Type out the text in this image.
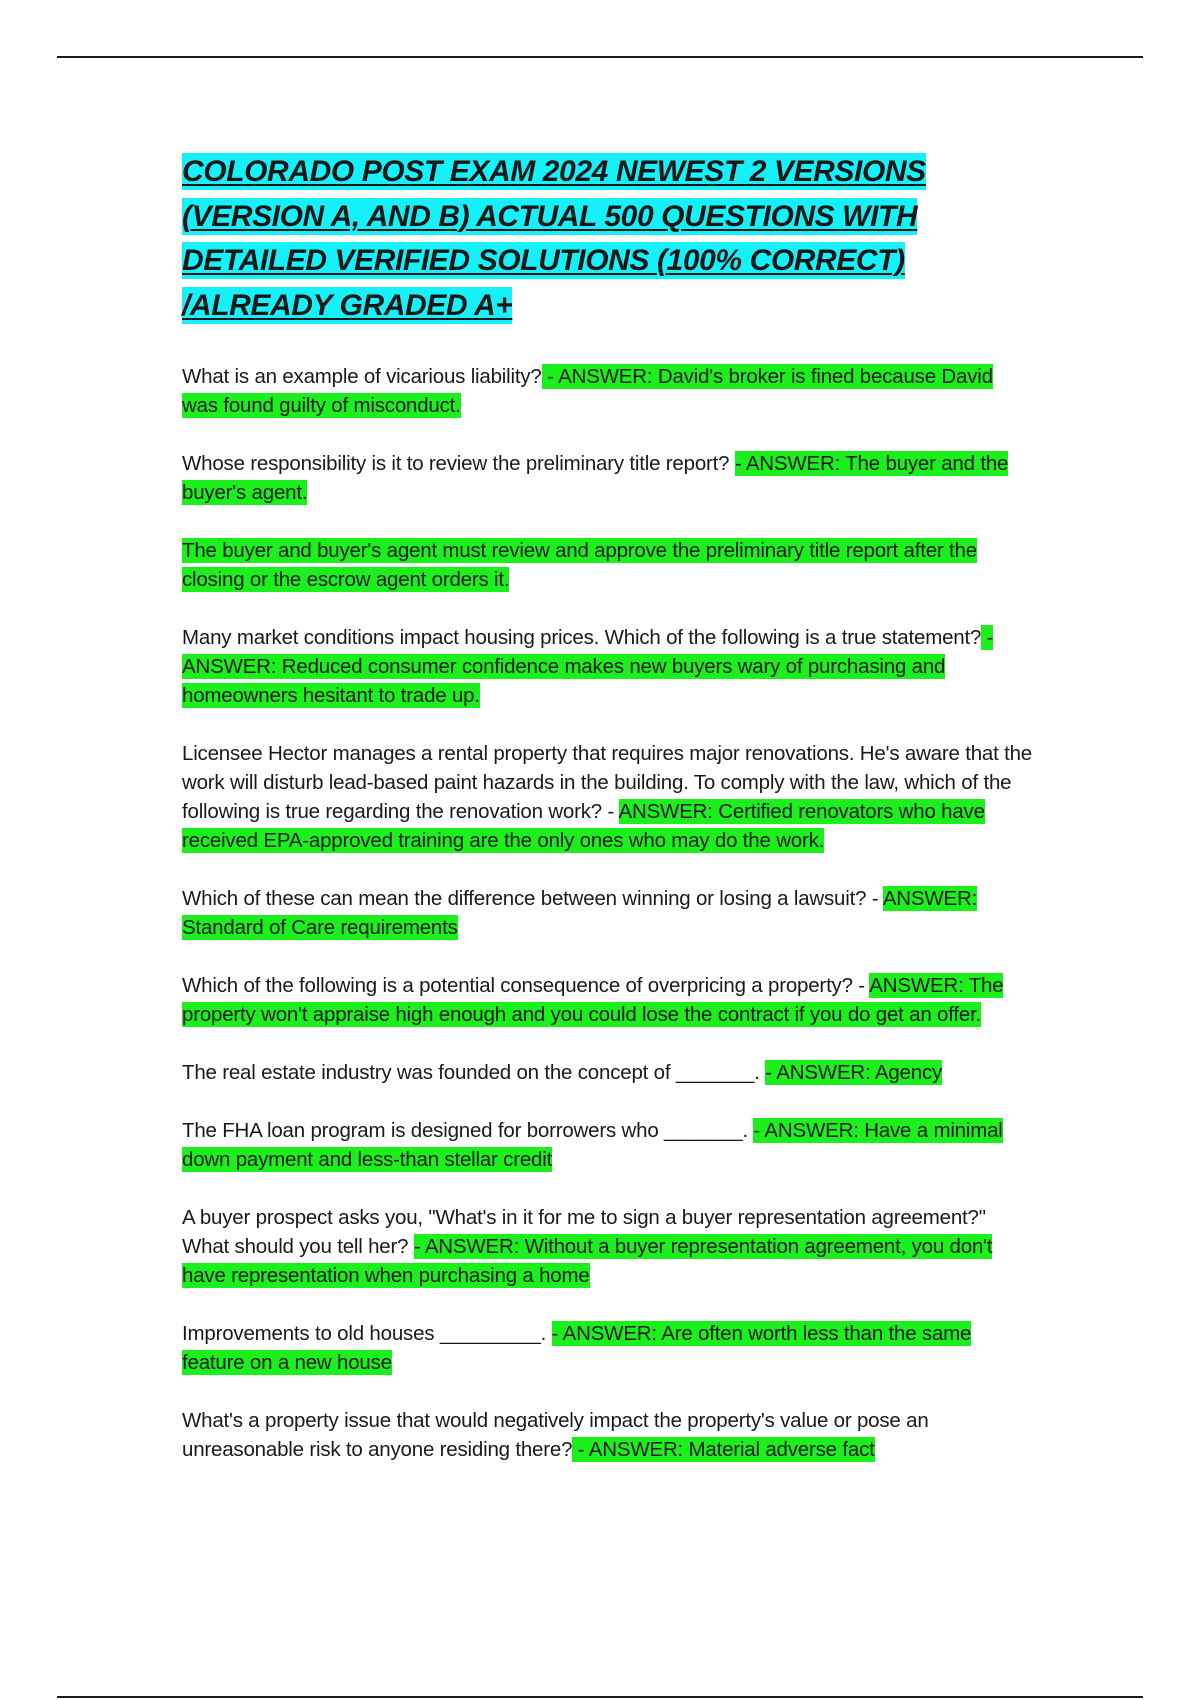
COLORADO POST EXAM 2024 NEWEST 2 VERSIONS (VERSION A, AND B) ACTUAL 500 QUESTIONS WITH DETAILED VERIFIED SOLUTIONS (100% CORRECT) /ALREADY GRADED A+

What is an example of vicarious liability? - ANSWER: David's broker is fined because David was found guilty of misconduct.

Whose responsibility is it to review the preliminary title report? - ANSWER: The buyer and the buyer's agent.

The buyer and buyer's agent must review and approve the preliminary title report after the closing or the escrow agent orders it.

Many market conditions impact housing prices. Which of the following is a true statement? - ANSWER: Reduced consumer confidence makes new buyers wary of purchasing and homeowners hesitant to trade up.

Licensee Hector manages a rental property that requires major renovations. He's aware that the work will disturb lead-based paint hazards in the building. To comply with the law, which of the following is true regarding the renovation work? - ANSWER: Certified renovators who have received EPA-approved training are the only ones who may do the work.

Which of these can mean the difference between winning or losing a lawsuit? - ANSWER: Standard of Care requirements

Which of the following is a potential consequence of overpricing a property? - ANSWER: The property won't appraise high enough and you could lose the contract if you do get an offer.

The real estate industry was founded on the concept of _______. - ANSWER: Agency

The FHA loan program is designed for borrowers who _______. - ANSWER: Have a minimal down payment and less-than stellar credit

A buyer prospect asks you, "What's in it for me to sign a buyer representation agreement?" What should you tell her? - ANSWER: Without a buyer representation agreement, you don't have representation when purchasing a home

Improvements to old houses _________. - ANSWER: Are often worth less than the same feature on a new house

What's a property issue that would negatively impact the property's value or pose an unreasonable risk to anyone residing there? - ANSWER: Material adverse fact
